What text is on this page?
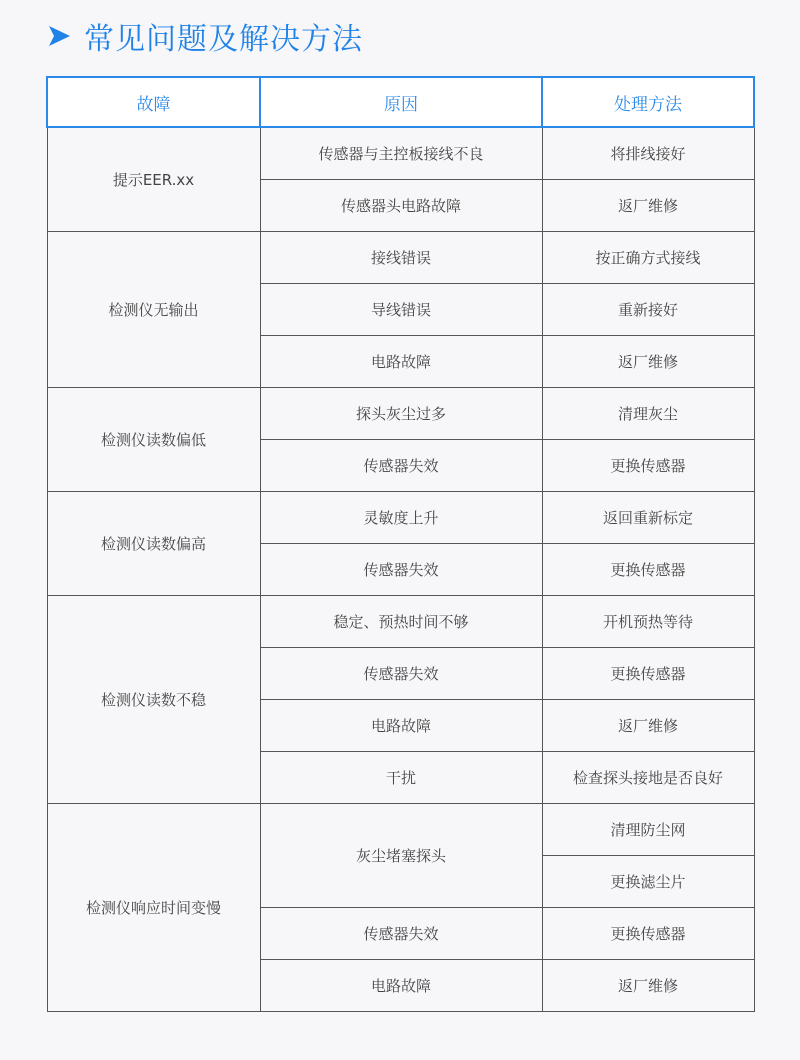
常见问题及解决方法
故障	原因	处理方法
提示EER.xx	传感器与主控板接线不良	将排线接好
	传感器头电路故障	返厂维修
检测仪无输出	接线错误	按正确方式接线
	导线错误	重新接好
	电路故障	返厂维修
检测仪读数偏低	探头灰尘过多	清理灰尘
	传感器失效	更换传感器
检测仪读数偏高	灵敏度上升	返回重新标定
	传感器失效	更换传感器
检测仪读数不稳	稳定、预热时间不够	开机预热等待
	传感器失效	更换传感器
	电路故障	返厂维修
	干扰	检查探头接地是否良好
检测仪响应时间变慢	灰尘堵塞探头	清理防尘网
		更换滤尘片
	传感器失效	更换传感器
	电路故障	返厂维修
